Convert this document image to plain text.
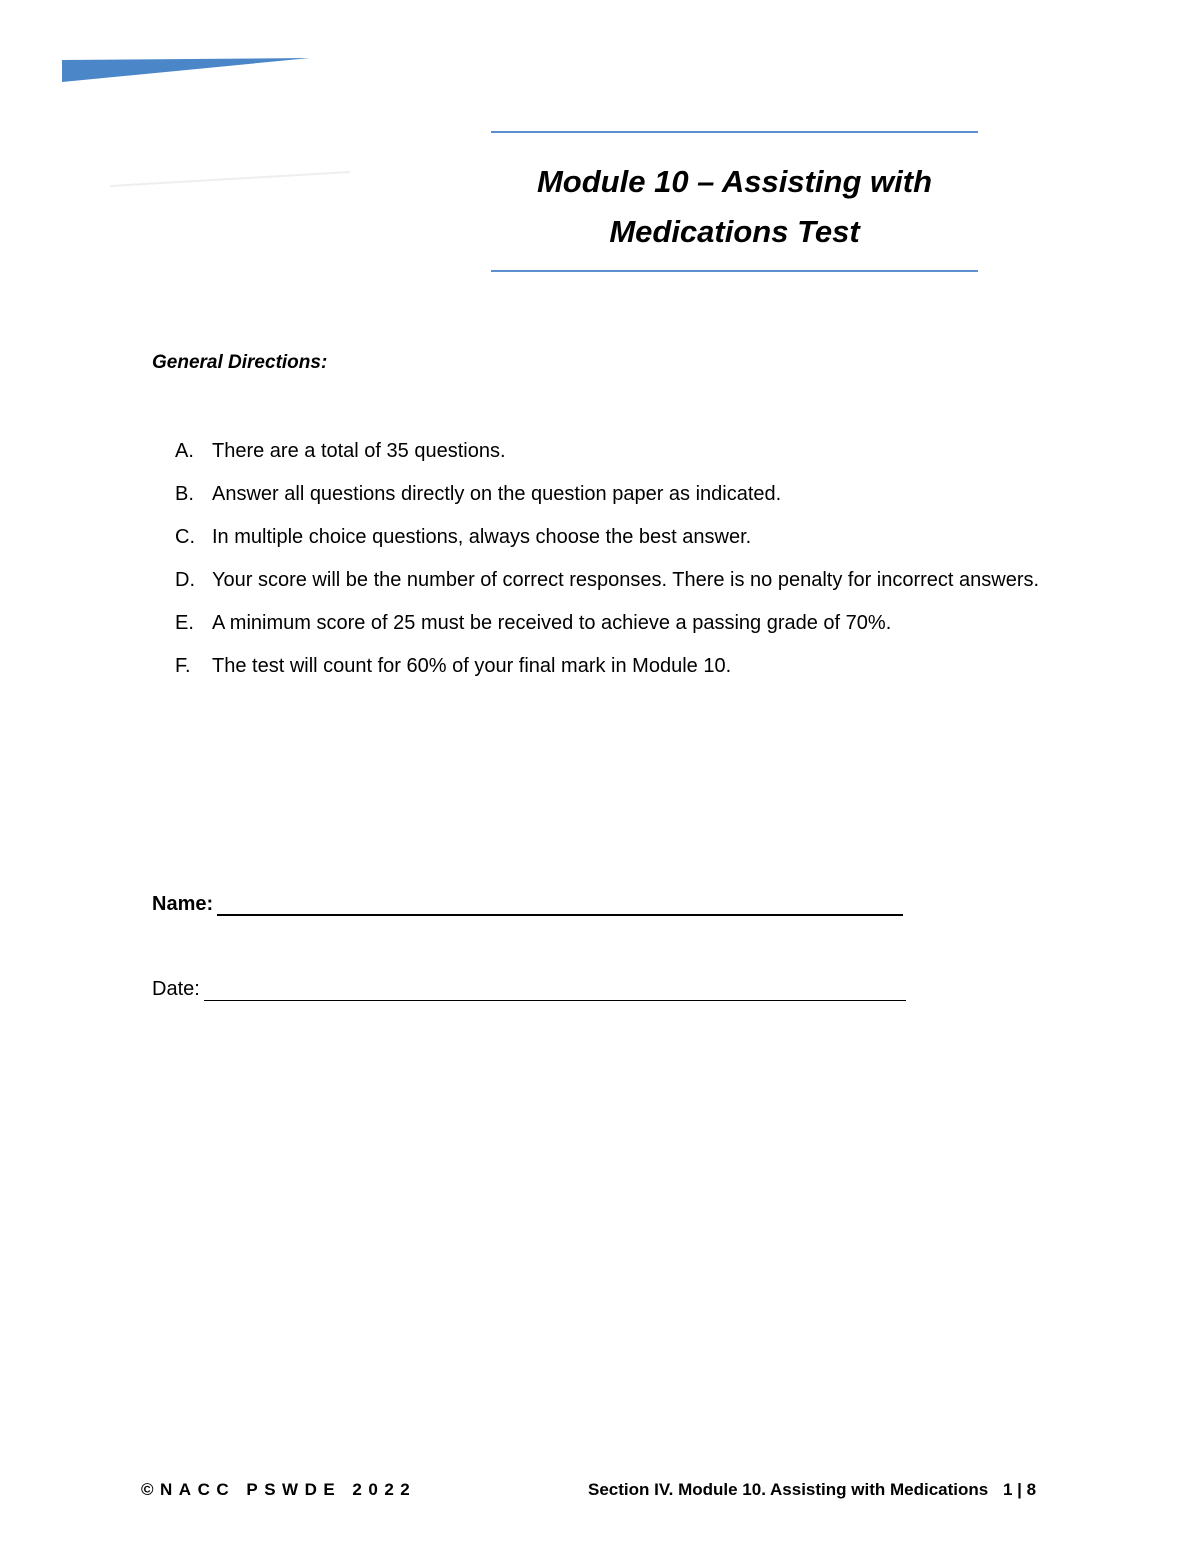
Module 10 – Assisting with
Medications Test
General Directions:
A. There are a total of 35 questions.
B. Answer all questions directly on the question paper as indicated.
C. In multiple choice questions, always choose the best answer.
D. Your score will be the number of correct responses. There is no penalty for incorrect answers.
E. A minimum score of 25 must be received to achieve a passing grade of 70%.
F. The test will count for 60% of your final mark in Module 10.
Name:
Date:
©NACC PSWDE 2022	Section IV. Module 10. Assisting with Medications 1 | 8
